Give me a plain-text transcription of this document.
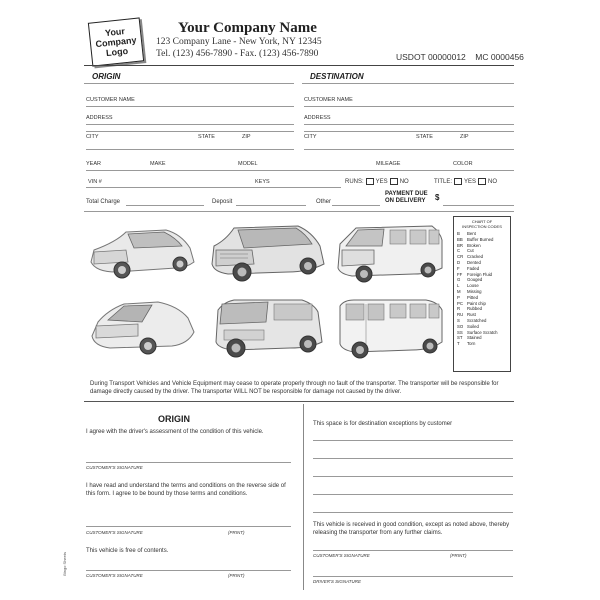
Your
Company
Logo
Your Company Name
123 Company Lane - New York, NY 12345
Tel. (123) 456-7890 - Fax. (123) 456-7890	USDOT 00000012 MC 0000456
ORIGIN	DESTINATION
CUSTOMER NAME
ADDRESS
CITY	STATE	ZIP
CUSTOMER NAME
ADDRESS
CITY	STATE	ZIP
YEAR	MAKE	MODEL	MILEAGE	COLOR
VIN #	KEYS	RUNS: YES NO	TITLE: YES NO
Total Charge	Deposit	Other
PAYMENT DUE
ON DELIVERY $
CHART OF
INSPECTION CODES
B Bent
BB Buffer Burned
BR Broken
C Cut
CR Cracked
D Dented
F Faded
FF Foreign Fluid
G Gouged
L Loose
M Missing
P Pitted
PC Paint chip
R Rubbed
RU Rust
S Scratched
SO Soiled
SS Surface Scratch
ST Stained
T Torn
During Transport Vehicles and Vehicle Equipment may cease to operate properly through no fault of the transporter. The transporter will be responsible for damage directly caused by the driver. The transporter WILL NOT be responsible for damage not caused by the driver.
ORIGIN
I agree with the driver's assessment of the condition of this vehicle.
CUSTOMER'S SIGNATURE
I have read and understand the terms and conditions on the reverse side of this form. I agree to be bound by those terms and conditions.
CUSTOMER'S SIGNATURE	(PRINT)
This vehicle is free of contents.
CUSTOMER'S SIGNATURE	(PRINT)
This space is for destination exceptions by customer
This vehicle is received in good condition, except as noted above, thereby releasing the transporter from any further claims.
CUSTOMER'S SIGNATURE	(PRINT)
DRIVER'S SIGNATURE
Bingo Sheets
